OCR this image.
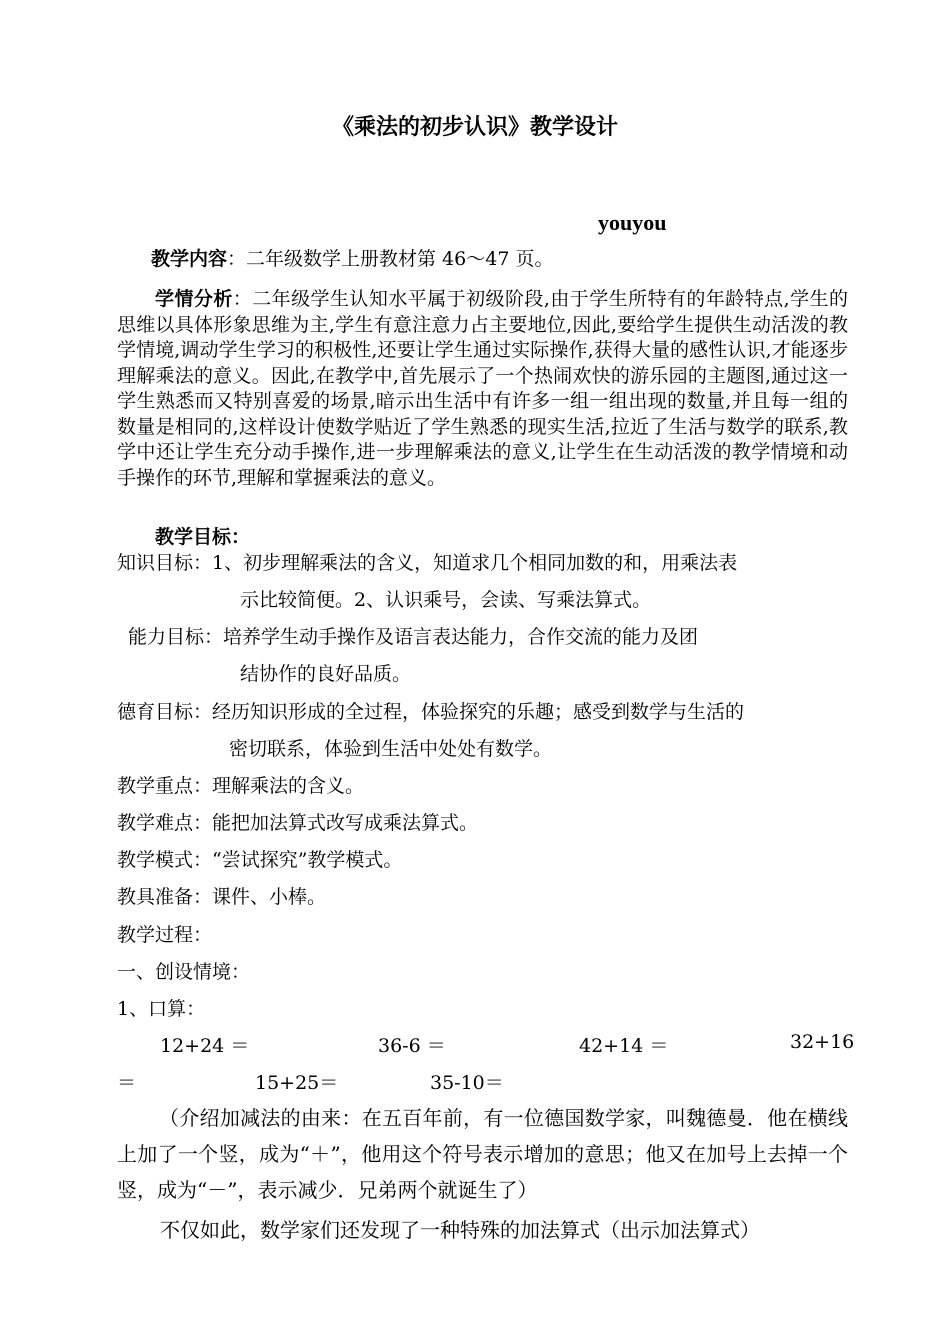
《乘法的初步认识》教学设计
youyou
教学内容：二年级数学上册教材第 46～47 页。
学情分析：二年级学生认知水平属于初级阶段,由于学生所特有的年龄特点,学生的思维以具体形象思维为主,学生有意注意力占主要地位,因此,要给学生提供生动活泼的教学情境,调动学生学习的积极性,还要让学生通过实际操作,获得大量的感性认识,才能逐步理解乘法的意义。因此,在教学中,首先展示了一个热闹欢快的游乐园的主题图,通过这一学生熟悉而又特别喜爱的场景,暗示出生活中有许多一组一组出现的数量,并且每一组的数量是相同的,这样设计使数学贴近了学生熟悉的现实生活,拉近了生活与数学的联系,教学中还让学生充分动手操作,进一步理解乘法的意义,让学生在生动活泼的教学情境和动手操作的环节,理解和掌握乘法的意义。
教学目标：
知识目标：1、初步理解乘法的含义，知道求几个相同加数的和，用乘法表
示比较简便。2、认识乘号，会读、写乘法算式。
能力目标：培养学生动手操作及语言表达能力，合作交流的能力及团
结协作的良好品质。
德育目标：经历知识形成的全过程，体验探究的乐趣；感受到数学与生活的
密切联系，体验到生活中处处有数学。
教学重点：理解乘法的含义。
教学难点：能把加法算式改写成乘法算式。
教学模式：“尝试探究”教学模式。
教具准备：课件、小棒。
教学过程：
一、创设情境：
1、口算：
12+24 ＝	36-6 ＝	42+14 ＝	32+16
＝	15+25＝	35-10＝
（介绍加减法的由来：在五百年前，有一位德国数学家，叫魏德曼．他在横线上加了一个竖，成为“＋”，他用这个符号表示增加的意思；他又在加号上去掉一个竖，成为“－”，表示减少．兄弟两个就诞生了）
不仅如此，数学家们还发现了一种特殊的加法算式（出示加法算式）
